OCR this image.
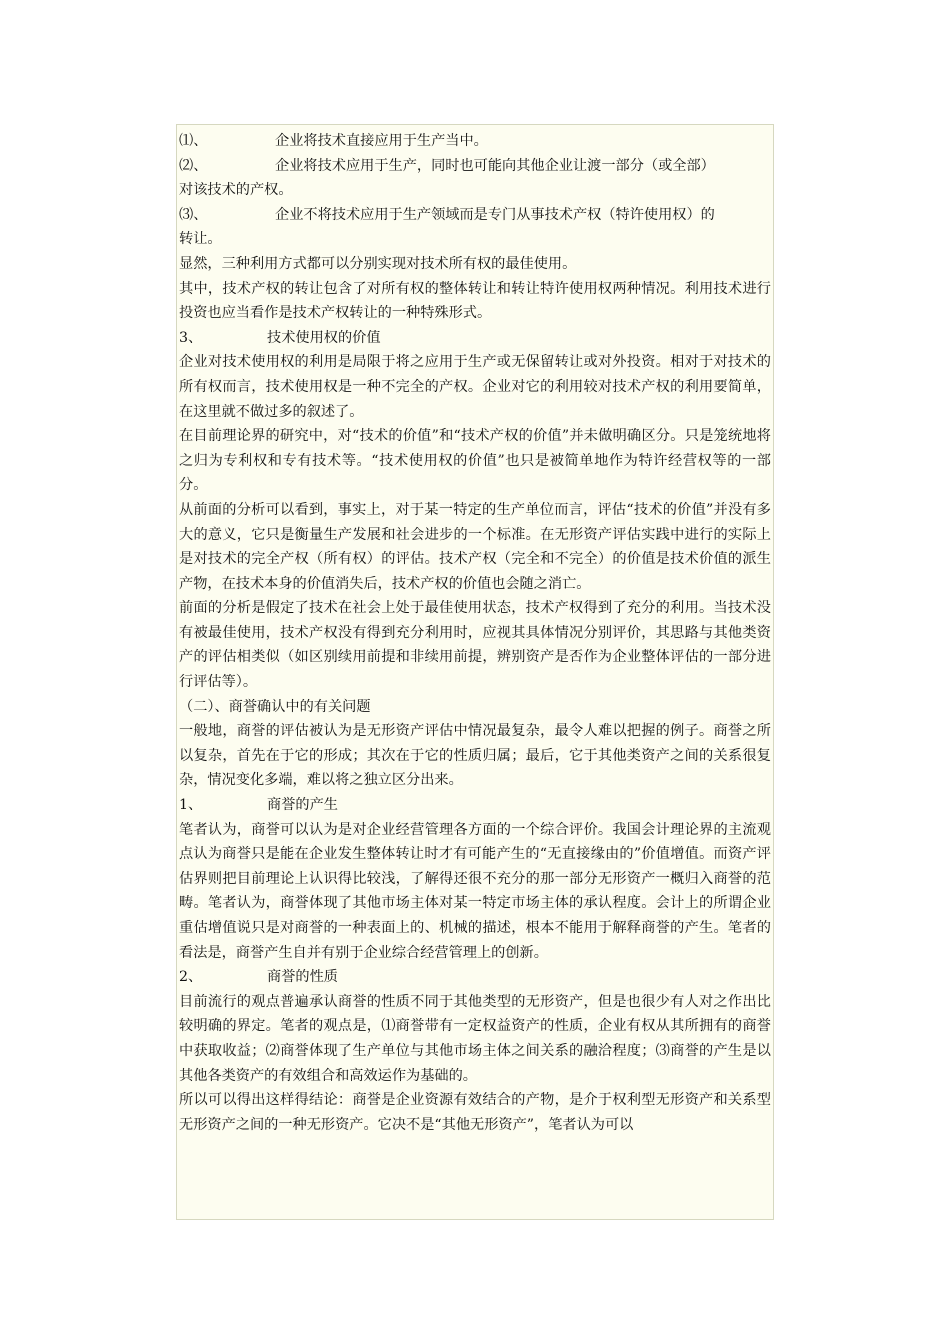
⑴、	企业将技术直接应用于生产当中。
⑵、	企业将技术应用于生产，同时也可能向其他企业让渡一部分（或全部）

对该技术的产权。

⑶、	企业不将技术应用于生产领域而是专门从事技术产权（特许使用权）的

转让。

显然，三种利用方式都可以分别实现对技术所有权的最佳使用。

其中，技术产权的转让包含了对所有权的整体转让和转让特许使用权两种情况。利用技术进行投资也应当看作是技术产权转让的一种特殊形式。

3、	技术使用权的价值

企业对技术使用权的利用是局限于将之应用于生产或无保留转让或对外投资。相对于对技术的所有权而言，技术使用权是一种不完全的产权。企业对它的利用较对技术产权的利用要简单，在这里就不做过多的叙述了。

在目前理论界的研究中，对“技术的价值”和“技术产权的价值”并未做明确区分。只是笼统地将之归为专利权和专有技术等。“技术使用权的价值”也只是被简单地作为特许经营权等的一部分。

从前面的分析可以看到，事实上，对于某一特定的生产单位而言，评估“技术的价值”并没有多大的意义，它只是衡量生产发展和社会进步的一个标准。在无形资产评估实践中进行的实际上是对技术的完全产权（所有权）的评估。技术产权（完全和不完全）的价值是技术价值的派生产物，在技术本身的价值消失后，技术产权的价值也会随之消亡。

前面的分析是假定了技术在社会上处于最佳使用状态，技术产权得到了充分的利用。当技术没有被最佳使用，技术产权没有得到充分利用时，应视其具体情况分别评价，其思路与其他类资产的评估相类似（如区别续用前提和非续用前提，辨别资产是否作为企业整体评估的一部分进行评估等）。

（二）、商誉确认中的有关问题

一般地，商誉的评估被认为是无形资产评估中情况最复杂，最令人难以把握的例子。商誉之所以复杂，首先在于它的形成；其次在于它的性质归属；最后，它于其他类资产之间的关系很复杂，情况变化多端，难以将之独立区分出来。

1、	商誉的产生

笔者认为，商誉可以认为是对企业经营管理各方面的一个综合评价。我国会计理论界的主流观点认为商誉只是能在企业发生整体转让时才有可能产生的“无直接缘由的”价值增值。而资产评估界则把目前理论上认识得比较浅，了解得还很不充分的那一部分无形资产一概归入商誉的范畴。笔者认为，商誉体现了其他市场主体对某一特定市场主体的承认程度。会计上的所谓企业重估增值说只是对商誉的一种表面上的、机械的描述，根本不能用于解释商誉的产生。笔者的看法是，商誉产生自并有别于企业综合经营管理上的创新。

2、	商誉的性质

目前流行的观点普遍承认商誉的性质不同于其他类型的无形资产，但是也很少有人对之作出比较明确的界定。笔者的观点是，⑴商誉带有一定权益资产的性质，企业有权从其所拥有的商誉中获取收益；⑵商誉体现了生产单位与其他市场主体之间关系的融洽程度；⑶商誉的产生是以其他各类资产的有效组合和高效运作为基础的。

所以可以得出这样得结论：商誉是企业资源有效结合的产物，是介于权利型无形资产和关系型无形资产之间的一种无形资产。它决不是“其他无形资产”，笔者认为可以
